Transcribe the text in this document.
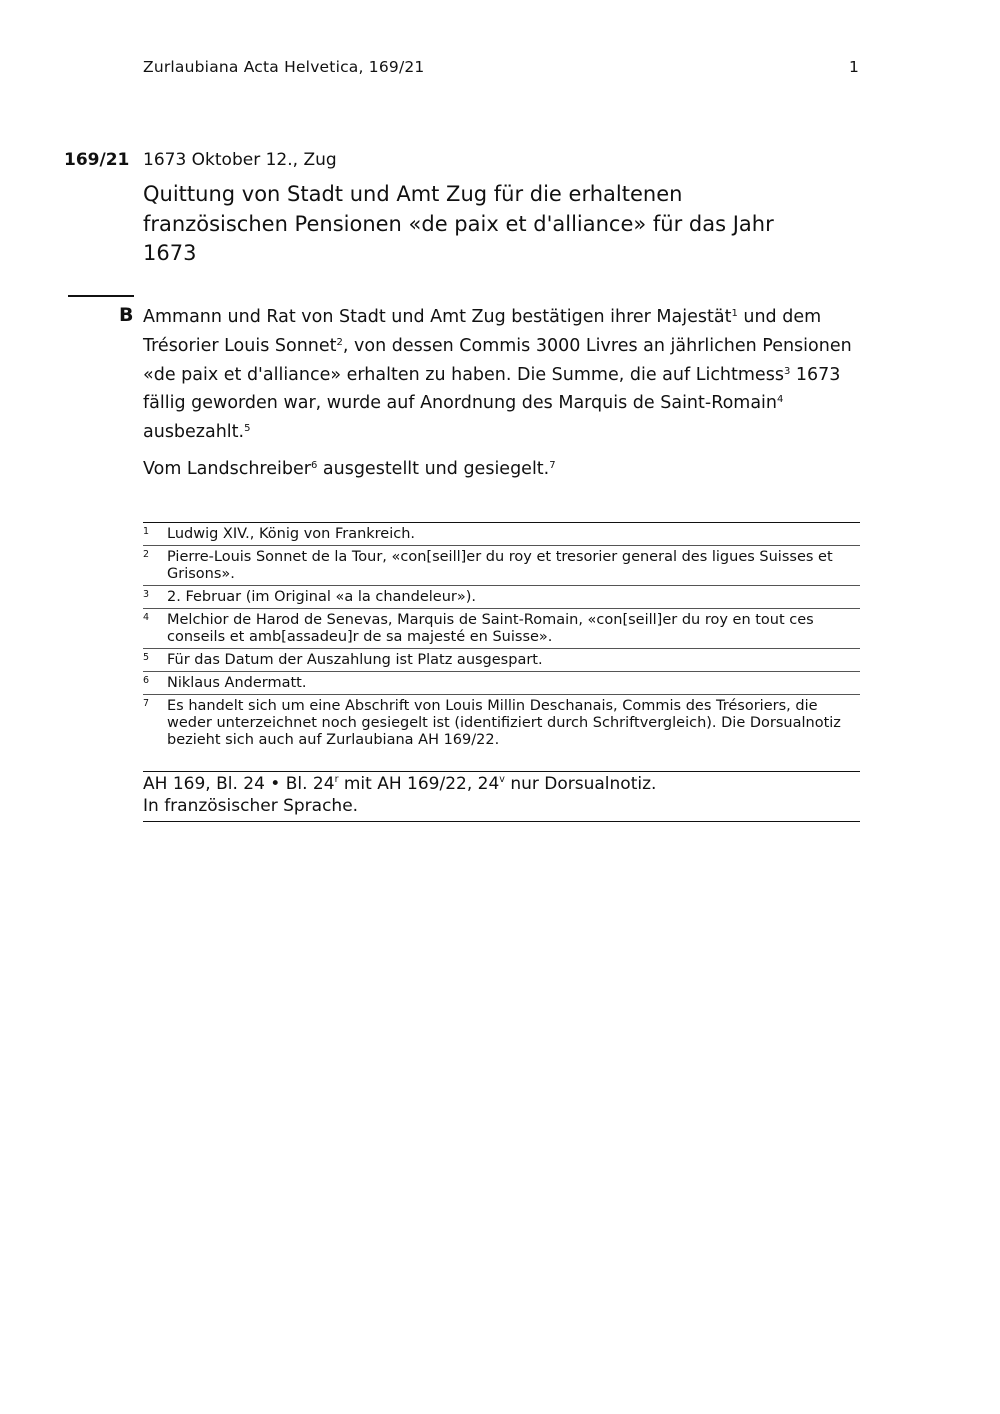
Zurlaubiana Acta Helvetica, 169/21	1
169/21 1673 Oktober 12., Zug
Quittung von Stadt und Amt Zug für die erhaltenen französischen Pensionen «de paix et d'alliance» für das Jahr 1673
B Ammann und Rat von Stadt und Amt Zug bestätigen ihrer Majestät$^1$ und dem Trésorier Louis Sonnet$^2$, von dessen Commis 3000 Livres an jährlichen Pensionen «de paix et d'alliance» erhalten zu haben. Die Summe, die auf Lichtmess$^3$ 1673 fällig geworden war, wurde auf Anordnung des Marquis de Saint-Romain$^4$ ausbezahlt.$^5$

Vom Landschreiber$^6$ ausgestellt und gesiegelt.$^7$

1	Ludwig XIV., König von Frankreich.
2	Pierre-Louis Sonnet de la Tour, «con[seill]er du roy et tresorier general des ligues Suisses et Grisons».
3	2. Februar (im Original «a la chandeleur»).
4	Melchior de Harod de Senevas, Marquis de Saint-Romain, «con[seill]er du roy en tout ces conseils et amb[assadeu]r de sa majesté en Suisse».
5	Für das Datum der Auszahlung ist Platz ausgespart.
6	Niklaus Andermatt.
7	Es handelt sich um eine Abschrift von Louis Millin Deschanais, Commis des Trésoriers, die weder unterzeichnet noch gesiegelt ist (identifiziert durch Schriftvergleich). Die Dorsualnotiz bezieht sich auch auf Zurlaubiana AH 169/22.
AH 169, Bl. 24 • Bl. 24$^r$ mit AH 169/22, 24$^v$ nur Dorsualnotiz.
In französischer Sprache.
